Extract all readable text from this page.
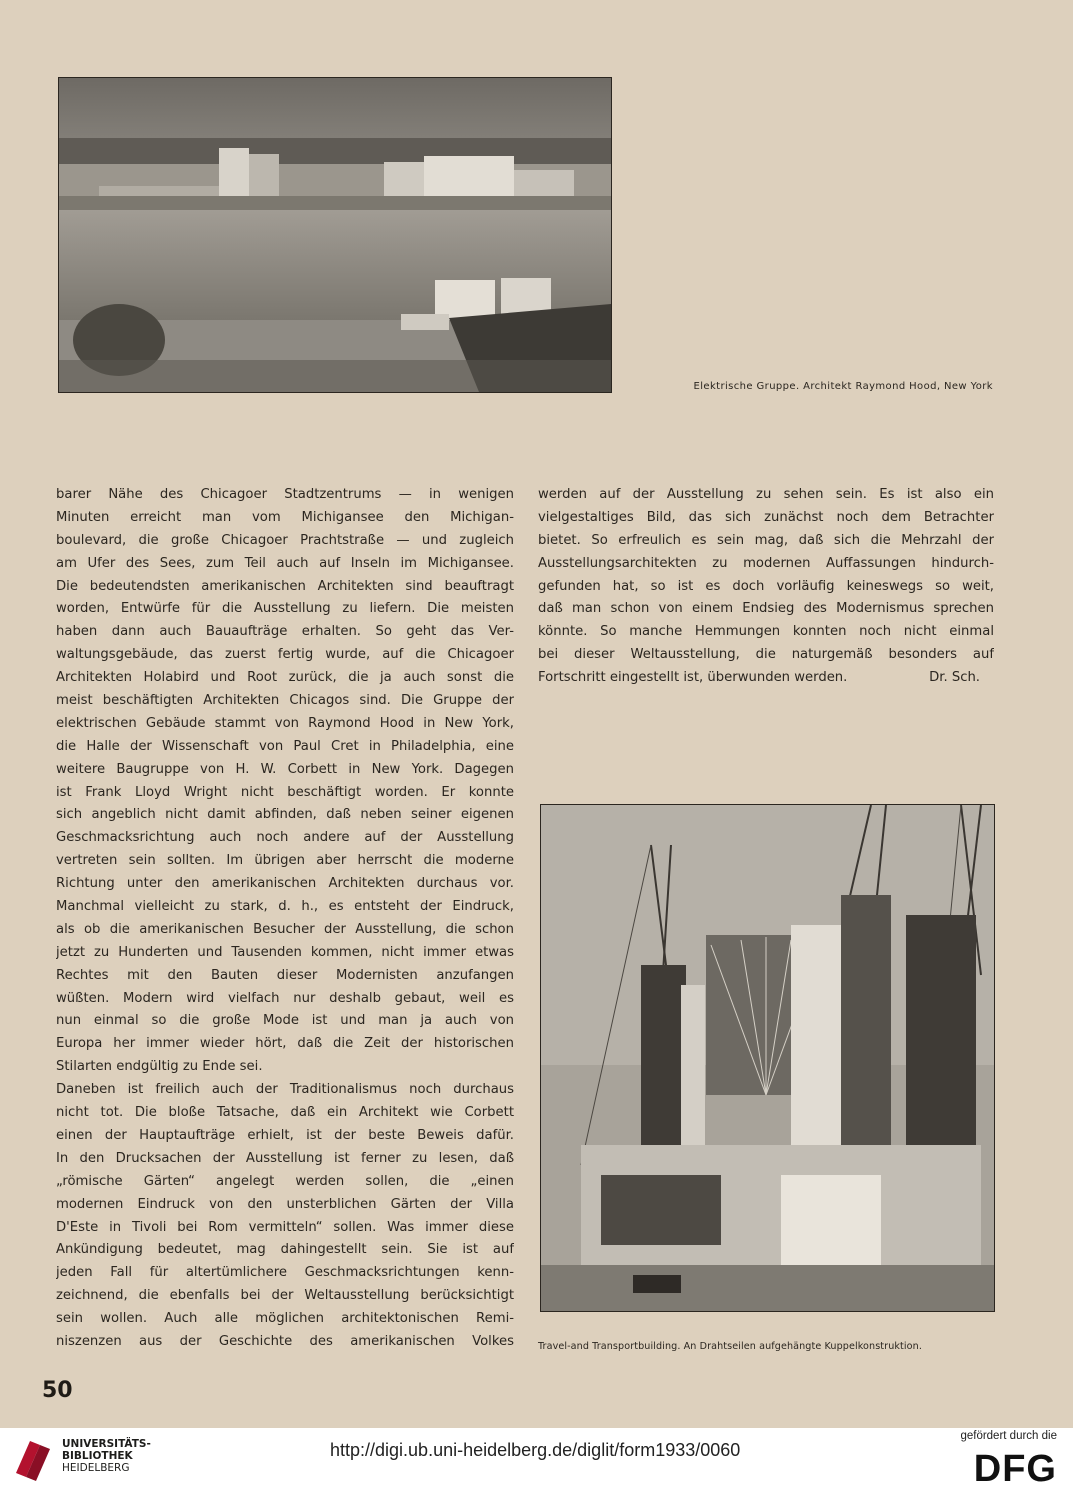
Elektrische Gruppe. Architekt Raymond Hood, New York
barer Nähe des Chicagoer Stadtzentrums — in wenigen
Minuten erreicht man vom Michigansee den Michigan-
boulevard, die große Chicagoer Prachtstraße — und zugleich
am Ufer des Sees, zum Teil auch auf Inseln im Michigansee.
Die bedeutendsten amerikanischen Architekten sind beauftragt
worden, Entwürfe für die Ausstellung zu liefern. Die meisten
haben dann auch Bauaufträge erhalten. So geht das Ver-
waltungsgebäude, das zuerst fertig wurde, auf die Chicagoer
Architekten Holabird und Root zurück, die ja auch sonst die
meist beschäftigten Architekten Chicagos sind. Die Gruppe der
elektrischen Gebäude stammt von Raymond Hood in New York,
die Halle der Wissenschaft von Paul Cret in Philadelphia, eine
weitere Baugruppe von H. W. Corbett in New York. Dagegen
ist Frank Lloyd Wright nicht beschäftigt worden. Er konnte
sich angeblich nicht damit abfinden, daß neben seiner eigenen
Geschmacksrichtung auch noch andere auf der Ausstellung
vertreten sein sollten. Im übrigen aber herrscht die moderne
Richtung unter den amerikanischen Architekten durchaus vor.
Manchmal vielleicht zu stark, d. h., es entsteht der Eindruck,
als ob die amerikanischen Besucher der Ausstellung, die schon
jetzt zu Hunderten und Tausenden kommen, nicht immer etwas
Rechtes mit den Bauten dieser Modernisten anzufangen
wüßten. Modern wird vielfach nur deshalb gebaut, weil es
nun einmal so die große Mode ist und man ja auch von
Europa her immer wieder hört, daß die Zeit der historischen
Stilarten endgültig zu Ende sei.
Daneben ist freilich auch der Traditionalismus noch durchaus
nicht tot. Die bloße Tatsache, daß ein Architekt wie Corbett
einen der Hauptaufträge erhielt, ist der beste Beweis dafür.
In den Drucksachen der Ausstellung ist ferner zu lesen, daß
„römische Gärten“ angelegt werden sollen, die „einen
modernen Eindruck von den unsterblichen Gärten der Villa
D'Este in Tivoli bei Rom vermitteln“ sollen. Was immer diese
Ankündigung bedeutet, mag dahingestellt sein. Sie ist auf
jeden Fall für altertümlichere Geschmacksrichtungen kenn-
zeichnend, die ebenfalls bei der Weltausstellung berücksichtigt
sein wollen. Auch alle möglichen architektonischen Remi-
niszenzen aus der Geschichte des amerikanischen Volkes
werden auf der Ausstellung zu sehen sein. Es ist also ein
vielgestaltiges Bild, das sich zunächst noch dem Betrachter
bietet. So erfreulich es sein mag, daß sich die Mehrzahl der
Ausstellungsarchitekten zu modernen Auffassungen hindurch-
gefunden hat, so ist es doch vorläufig keineswegs so weit,
daß man schon von einem Endsieg des Modernismus sprechen
könnte. So manche Hemmungen konnten noch nicht einmal
bei dieser Weltausstellung, die naturgemäß besonders auf
Fortschritt eingestellt ist, überwunden werden.	Dr. Sch.
Travel-and Transportbuilding. An Drahtseilen aufgehängte Kuppelkonstruktion.
50
UNIVERSITÄTS-
BIBLIOTHEK
HEIDELBERG
http://digi.ub.uni-heidelberg.de/diglit/form1933/0060
gefördert durch die
DFG
